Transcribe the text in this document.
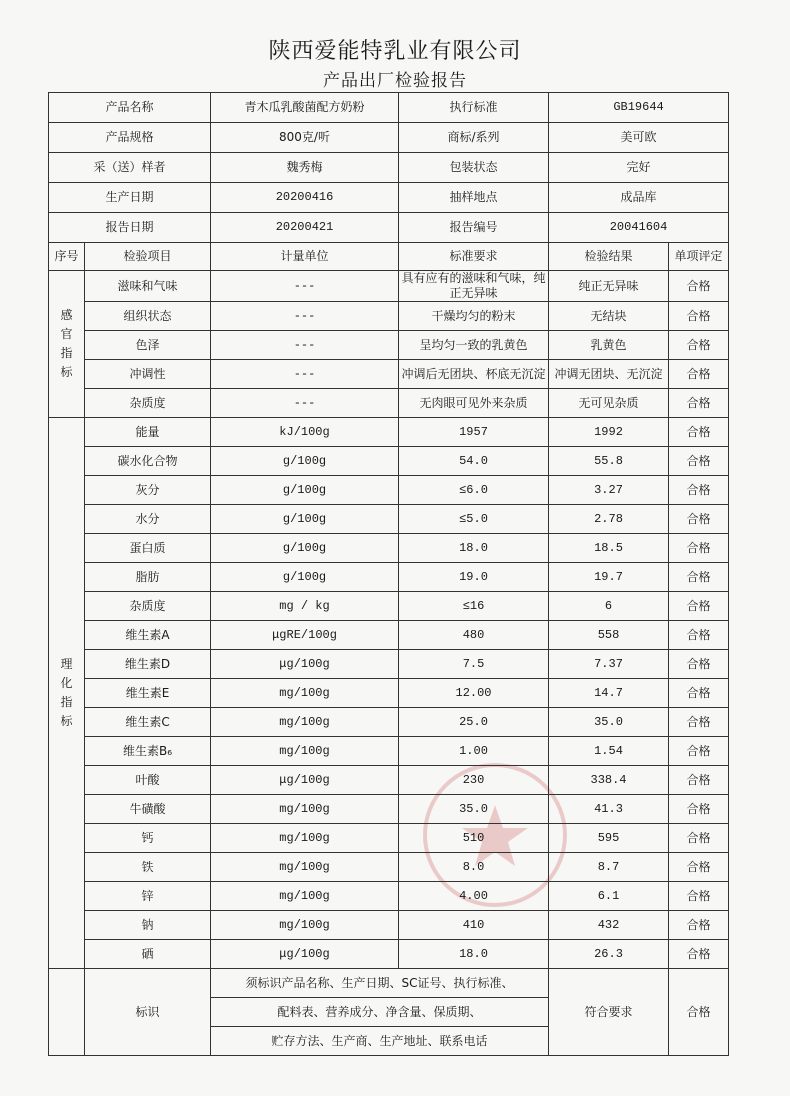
陕西爱能特乳业有限公司
产品出厂检验报告
产品名称		青木瓜乳酸菌配方奶粉	执行标准	GB19644	
产品规格		800克/听	商标/系列	美可欧	
采（送）样者		魏秀梅	包装状态	完好	
生产日期		20200416	抽样地点	成品库	
报告日期		20200421	报告编号	20041604	
序号	检验项目	计量单位	标准要求	检验结果	单项评定

感
官
指
标	滋味和气味	---	具有应有的滋味和气味，纯正无异味	纯正无异味	合格
	组织状态	---	干燥均匀的粉末	无结块	合格
	色泽	---	呈均匀一致的乳黄色	乳黄色	合格
	冲调性	---	冲调后无团块、杯底无沉淀	冲调无团块、无沉淀	合格
	杂质度	---	无肉眼可见外来杂质	无可见杂质	合格

理
化
指
标	能量	kJ/100g	1957	1992	合格
	碳水化合物	g/100g	54.0	55.8	合格
	灰分	g/100g	≤6.0	3.27	合格
	水分	g/100g	≤5.0	2.78	合格
	蛋白质	g/100g	18.0	18.5	合格
	脂肪	g/100g	19.0	19.7	合格
	杂质度	mg / kg	≤16	6	合格
	维生素A	μgRE/100g	480	558	合格
	维生素D	μg/100g	7.5	7.37	合格
	维生素E	mg/100g	12.00	14.7	合格
	维生素C	mg/100g	25.0	35.0	合格
	维生素B₆	mg/100g	1.00	1.54	合格
	叶酸	μg/100g	230	338.4	合格
	牛磺酸	mg/100g	35.0	41.3	合格
	钙	mg/100g	510	595	合格
	铁	mg/100g	8.0	8.7	合格
	锌	mg/100g	4.00	6.1	合格
	钠	mg/100g	410	432	合格
	硒	μg/100g	18.0	26.3	合格
	标识	须标识产品名称、生产日期、SC证号、执行标准、		符合要求	合格
		配料表、营养成分、净含量、保质期、			
		贮存方法、生产商、生产地址、联系电话			
